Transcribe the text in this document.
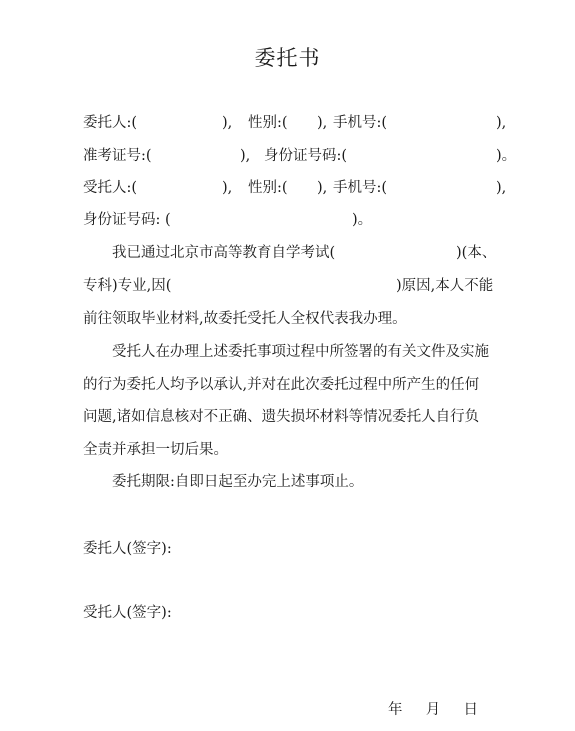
委托书
委托人:(	), 性别:( ), 手机号:(	),
准考证号:(	), 身份证号码:(	)。
受托人:(	), 性别:( ), 手机号:(	),
身份证号码: (	)。
我已通过北京市高等教育自学考试(	)(本、
专科)专业,因(	)原因,本人不能
前往领取毕业材料,故委托受托人全权代表我办理。
受托人在办理上述委托事项过程中所签署的有关文件及实施
的行为委托人均予以承认,并对在此次委托过程中所产生的任何
问题,诸如信息核对不正确、遗失损坏材料等情况委托人自行负
全责并承担一切后果。
委托期限:自即日起至办完上述事项止。
委托人(签字):
受托人(签字):
年 月 日
